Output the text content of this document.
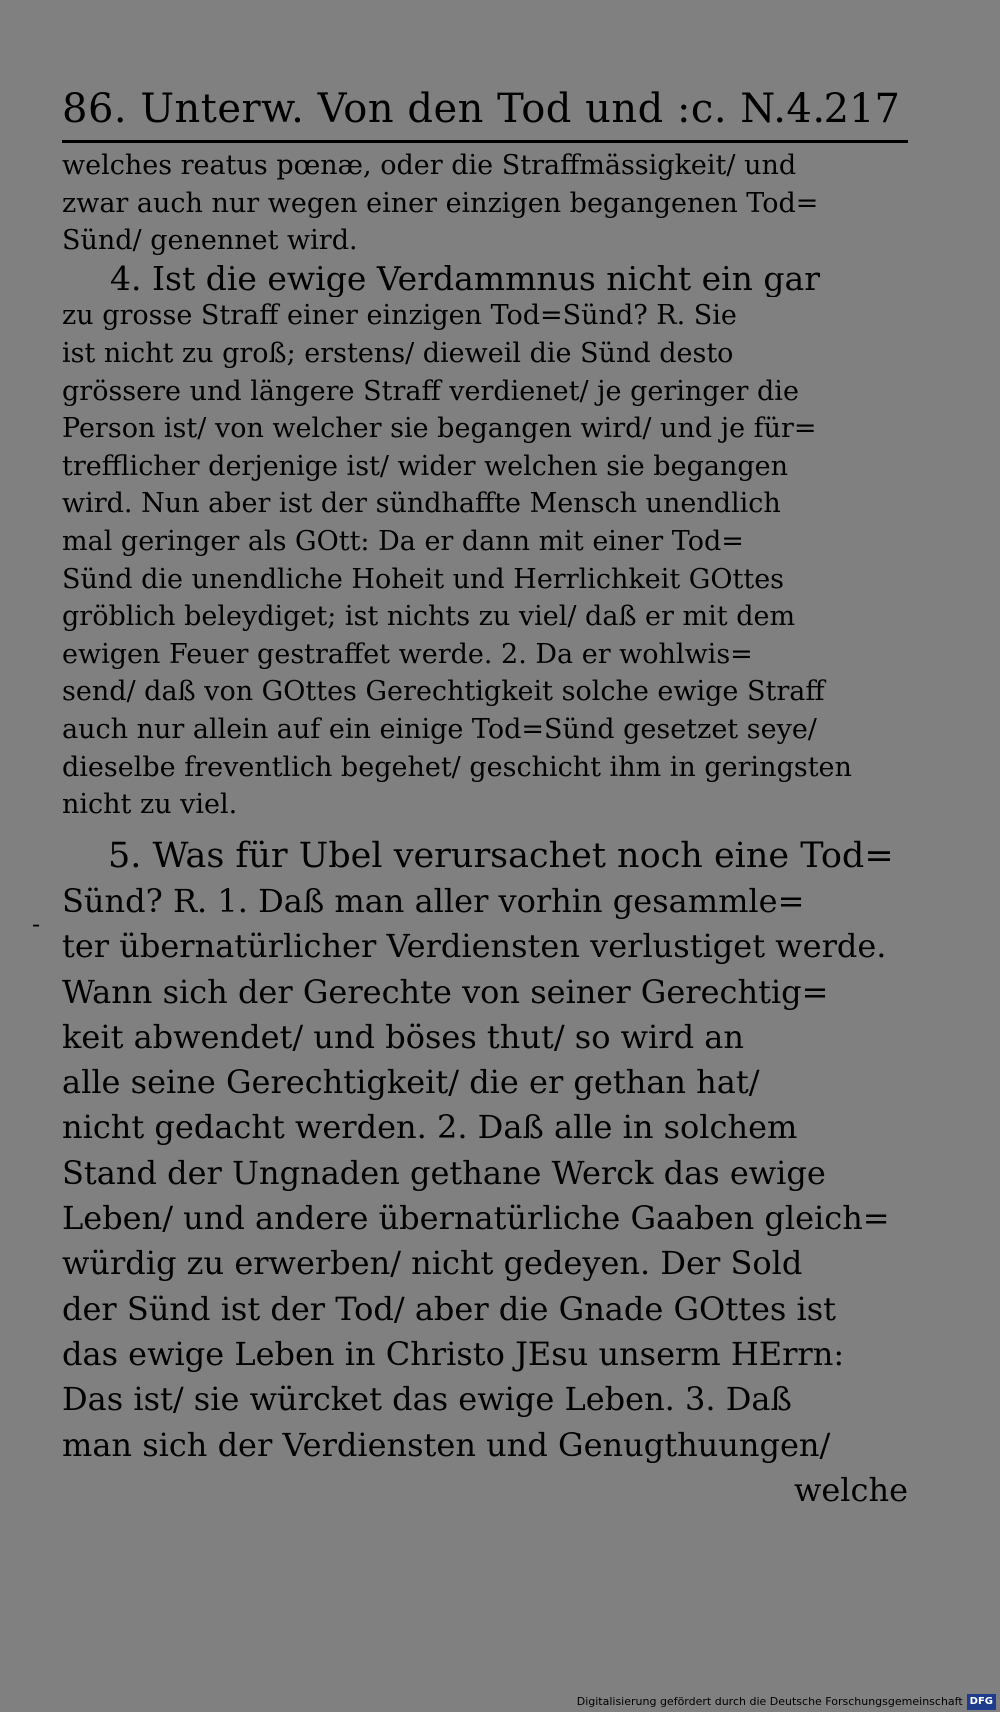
86. Unterw. Von den Tod und :c. N.4.
217
welches reatus pœnæ, oder die Straffmässigkeit/ und
zwar auch nur wegen einer einzigen begangenen Tod=
Sünd/ genennet wird.
4. Ist die ewige Verdammnus nicht ein gar
zu grosse Straff einer einzigen Tod=Sünd? R. Sie
ist nicht zu groß; erstens/ dieweil die Sünd desto
grössere und längere Straff verdienet/ je geringer die
Person ist/ von welcher sie begangen wird/ und je für=
trefflicher derjenige ist/ wider welchen sie begangen
wird. Nun aber ist der sündhaffte Mensch unendlich
mal geringer als GOtt: Da er dann mit einer Tod=
Sünd die unendliche Hoheit und Herrlichkeit GOttes
gröblich beleydiget; ist nichts zu viel/ daß er mit dem
ewigen Feuer gestraffet werde. 2. Da er wohlwis=
send/ daß von GOttes Gerechtigkeit solche ewige Straff
auch nur allein auf ein einige Tod=Sünd gesetzet seye/
dieselbe freventlich begehet/ geschicht ihm in geringsten
nicht zu viel.
5. Was für Ubel verursachet noch eine Tod=
Sünd? R. 1. Daß man aller vorhin gesammle=
ter übernatürlicher Verdiensten verlustiget werde.
Wann sich der Gerechte von seiner Gerechtig=
keit abwendet/ und böses thut/ so wird an
alle seine Gerechtigkeit/ die er gethan hat/
nicht gedacht werden. 2. Daß alle in solchem
Stand der Ungnaden gethane Werck das ewige
Leben/ und andere übernatürliche Gaaben gleich=
würdig zu erwerben/ nicht gedeyen. Der Sold
der Sünd ist der Tod/ aber die Gnade GOttes ist
das ewige Leben in Christo JEsu unserm HErrn:
Das ist/ sie würcket das ewige Leben. 3. Daß
man sich der Verdiensten und Genugthuungen/
welche
-
Digitalisierung gefördert durch die Deutsche Forschungsgemeinschaft DFG
